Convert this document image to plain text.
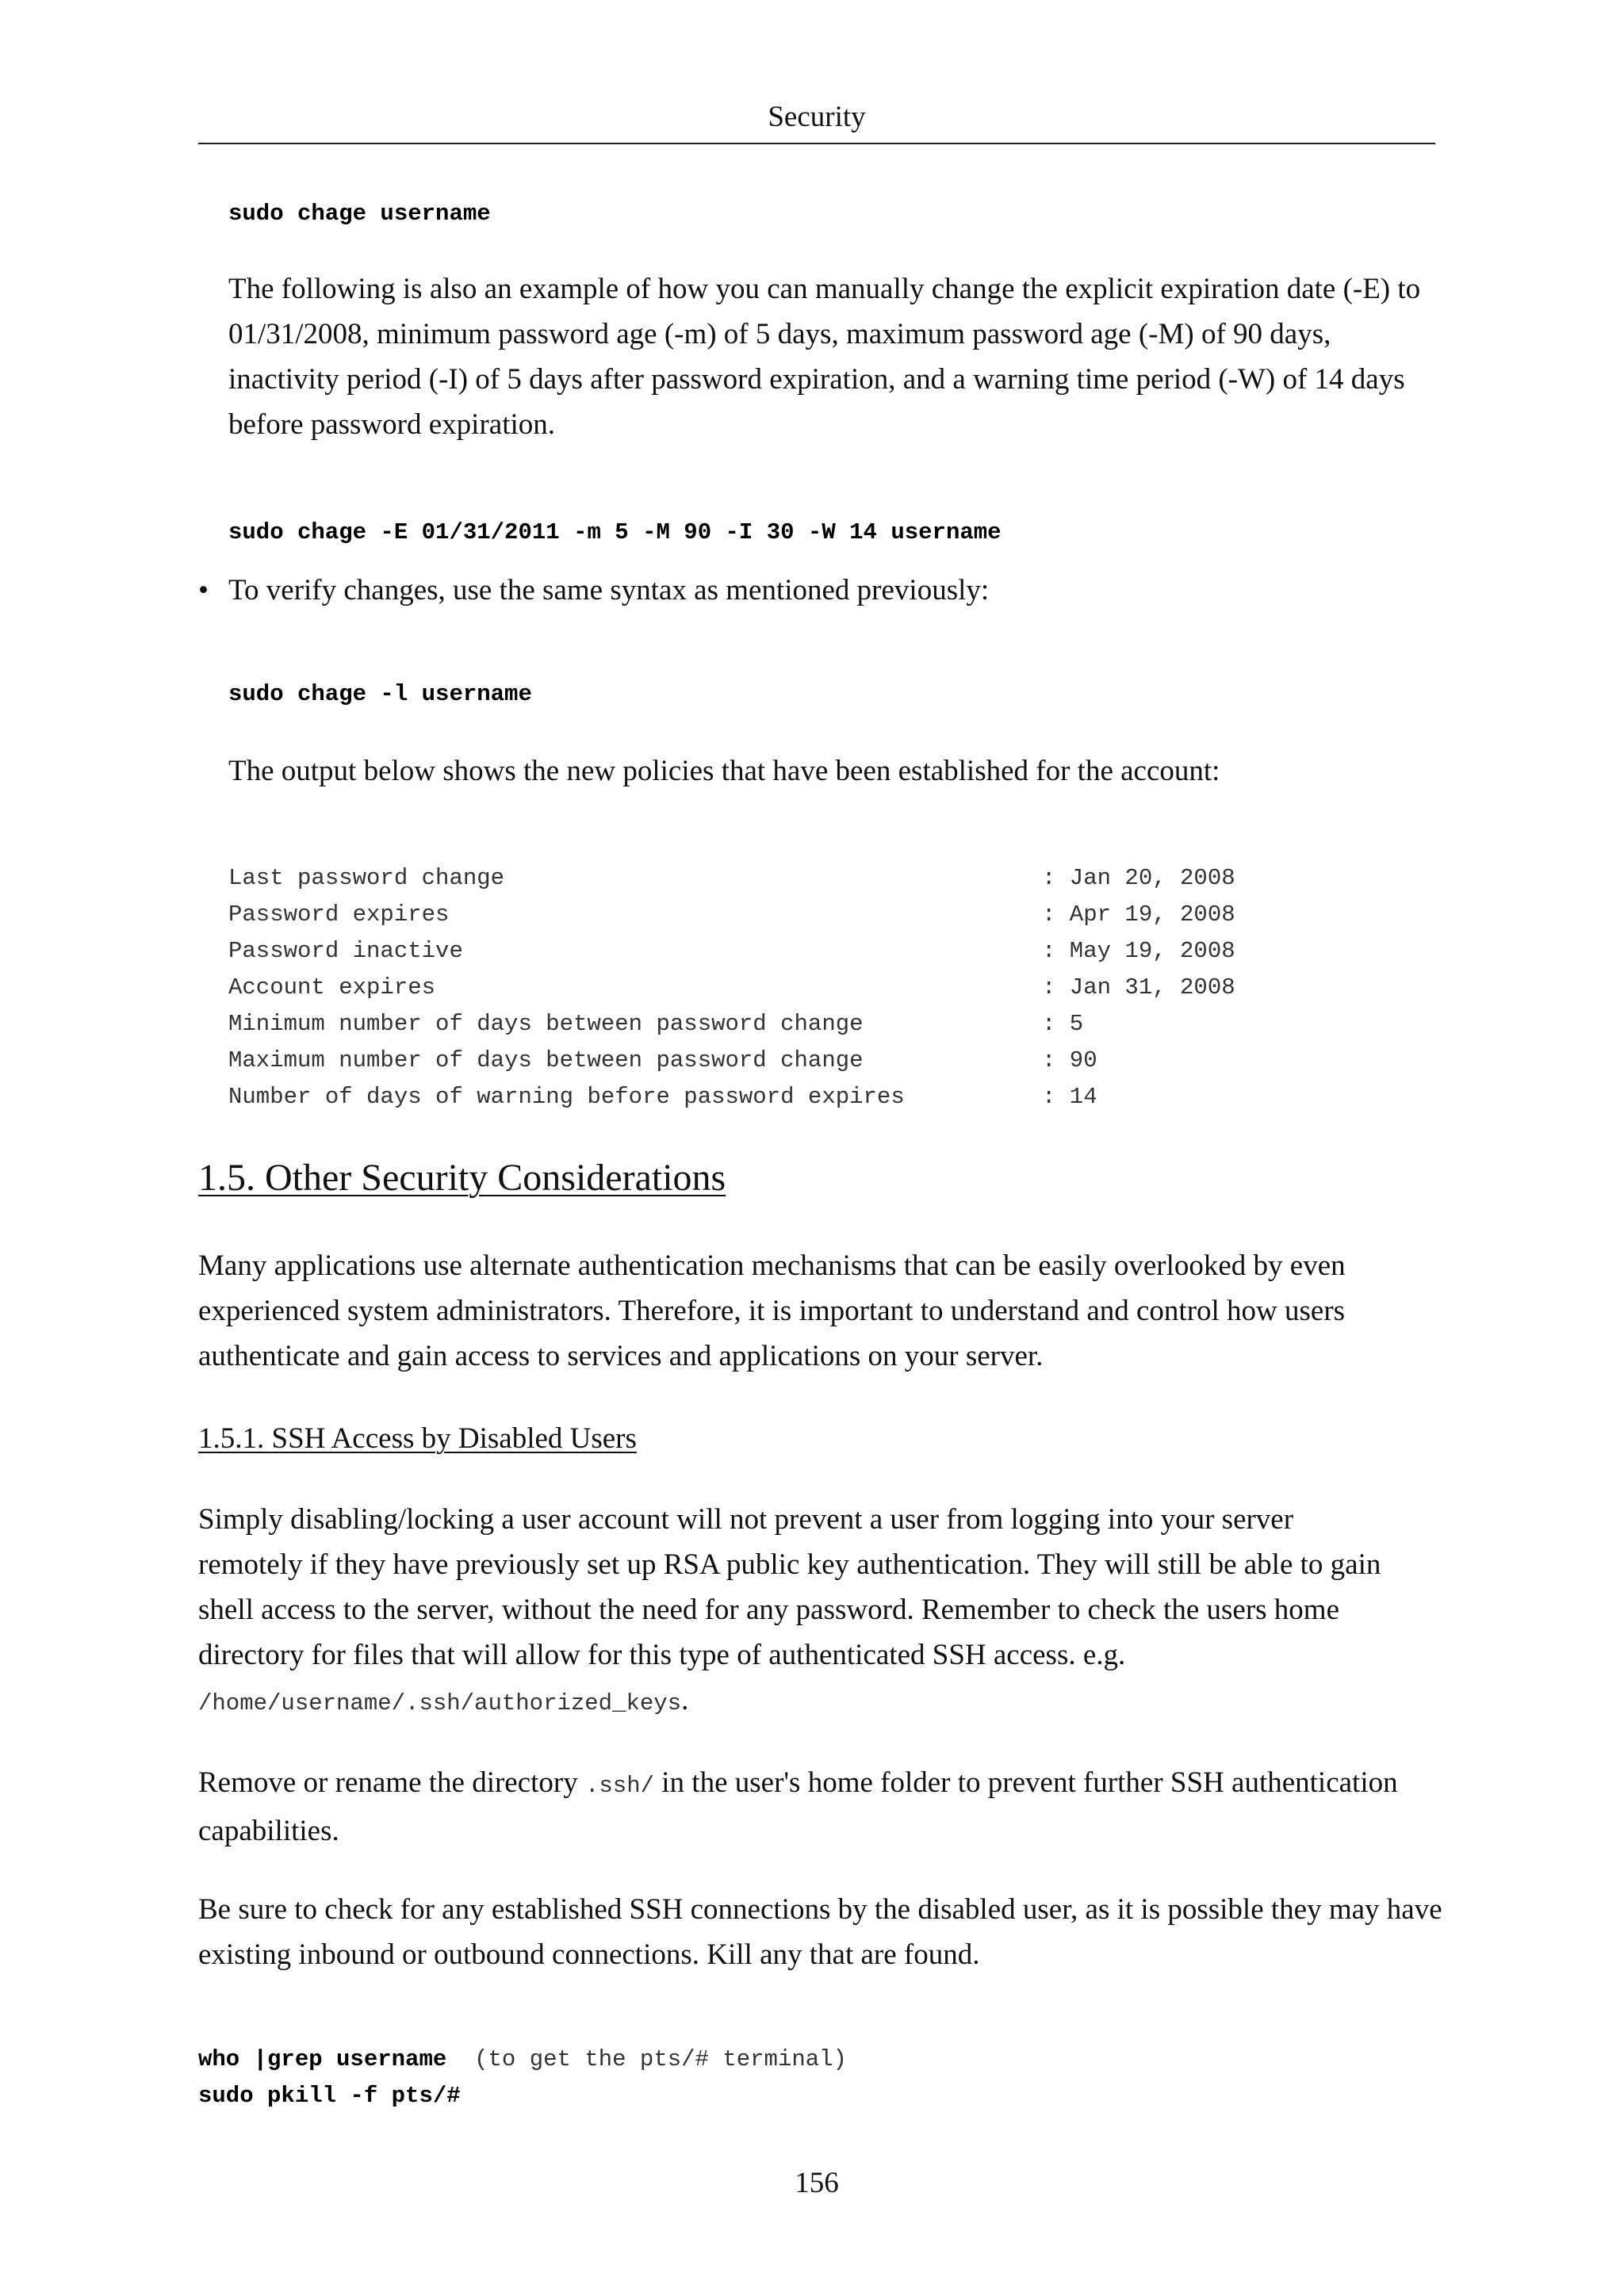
Security
sudo chage username
The following is also an example of how you can manually change the explicit expiration date (-E) to 01/31/2008, minimum password age (-m) of 5 days, maximum password age (-M) of 90 days, inactivity period (-I) of 5 days after password expiration, and a warning time period (-W) of 14 days before password expiration.
sudo chage -E 01/31/2011 -m 5 -M 90 -I 30 -W 14 username
• To verify changes, use the same syntax as mentioned previously:
sudo chage -l username
The output below shows the new policies that have been established for the account:
Last password change	: Jan 20, 2008
Password expires	: Apr 19, 2008
Password inactive	: May 19, 2008
Account expires	: Jan 31, 2008
Minimum number of days between password change	: 5
Maximum number of days between password change	: 90
Number of days of warning before password expires	: 14
1.5. Other Security Considerations
Many applications use alternate authentication mechanisms that can be easily overlooked by even experienced system administrators. Therefore, it is important to understand and control how users authenticate and gain access to services and applications on your server.
1.5.1. SSH Access by Disabled Users
Simply disabling/locking a user account will not prevent a user from logging into your server remotely if they have previously set up RSA public key authentication. They will still be able to gain shell access to the server, without the need for any password. Remember to check the users home directory for files that will allow for this type of authenticated SSH access. e.g. /home/username/.ssh/authorized_keys.
Remove or rename the directory .ssh/ in the user's home folder to prevent further SSH authentication capabilities.
Be sure to check for any established SSH connections by the disabled user, as it is possible they may have existing inbound or outbound connections. Kill any that are found.
who |grep username (to get the pts/# terminal)
sudo pkill -f pts/#
156
